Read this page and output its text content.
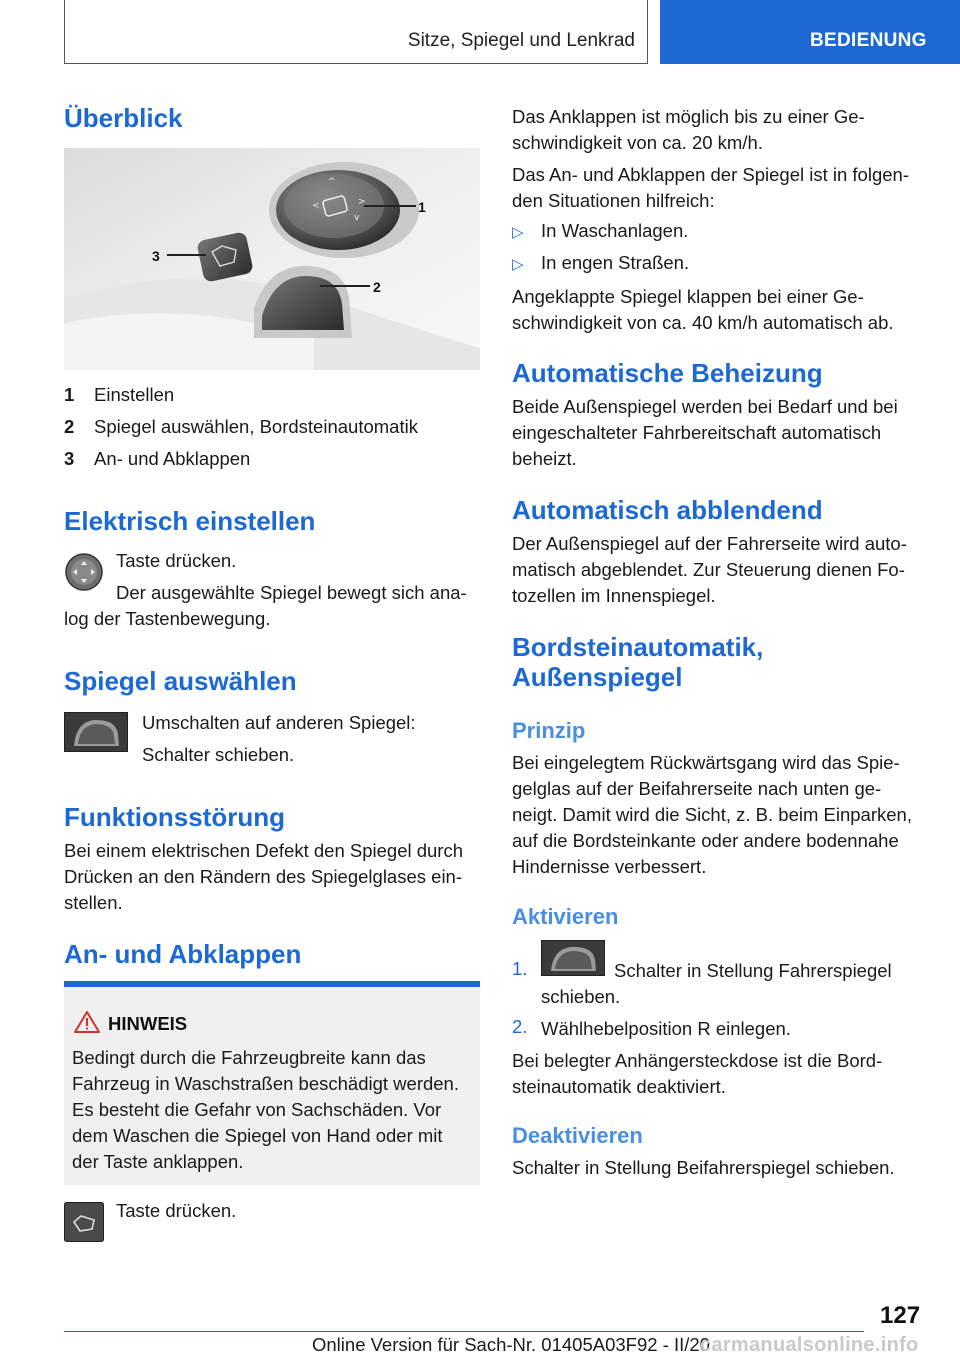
Sitze, Spiegel und Lenkrad	BEDIENUNG
Überblick
^
<	>
v
1
2
3
1 Einstellen
2 Spiegel auswählen, Bordsteinautomatik
3 An- und Abklappen
Elektrisch einstellen
Taste drücken.
Der ausgewählte Spiegel bewegt sich ana-
log der Tastenbewegung.
Spiegel auswählen
Umschalten auf anderen Spiegel:
Schalter schieben.
Funktionsstörung
Bei einem elektrischen Defekt den Spiegel durch
Drücken an den Rändern des Spiegelglases ein-
stellen.
An- und Abklappen
HINWEIS
Bedingt durch die Fahrzeugbreite kann das
Fahrzeug in Waschstraßen beschädigt werden.
Es besteht die Gefahr von Sachschäden. Vor
dem Waschen die Spiegel von Hand oder mit
der Taste anklappen.
Taste drücken.
Das Anklappen ist möglich bis zu einer Ge-
schwindigkeit von ca. 20 km/h.
Das An- und Abklappen der Spiegel ist in folgen-
den Situationen hilfreich:
▷ In Waschanlagen.
▷ In engen Straßen.
Angeklappte Spiegel klappen bei einer Ge-
schwindigkeit von ca. 40 km/h automatisch ab.
Automatische Beheizung
Beide Außenspiegel werden bei Bedarf und bei
eingeschalteter Fahrbereitschaft automatisch
beheizt.
Automatisch abblendend
Der Außenspiegel auf der Fahrerseite wird auto-
matisch abgeblendet. Zur Steuerung dienen Fo-
tozellen im Innenspiegel.
Bordsteinautomatik,
Außenspiegel
Prinzip
Bei eingelegtem Rückwärtsgang wird das Spie-
gelglas auf der Beifahrerseite nach unten ge-
neigt. Damit wird die Sicht, z. B. beim Einparken,
auf die Bordsteinkante oder andere bodennahe
Hindernisse verbessert.
Aktivieren
1.	Schalter in Stellung Fahrerspiegel
schieben.
2. Wählhebelposition R einlegen.
Bei belegter Anhängersteckdose ist die Bord-
steinautomatik deaktiviert.
Deaktivieren
Schalter in Stellung Beifahrerspiegel schieben.
127
Online Version für Sach-Nr. 01405A03F92 - II/20
carmanualsonline.info
